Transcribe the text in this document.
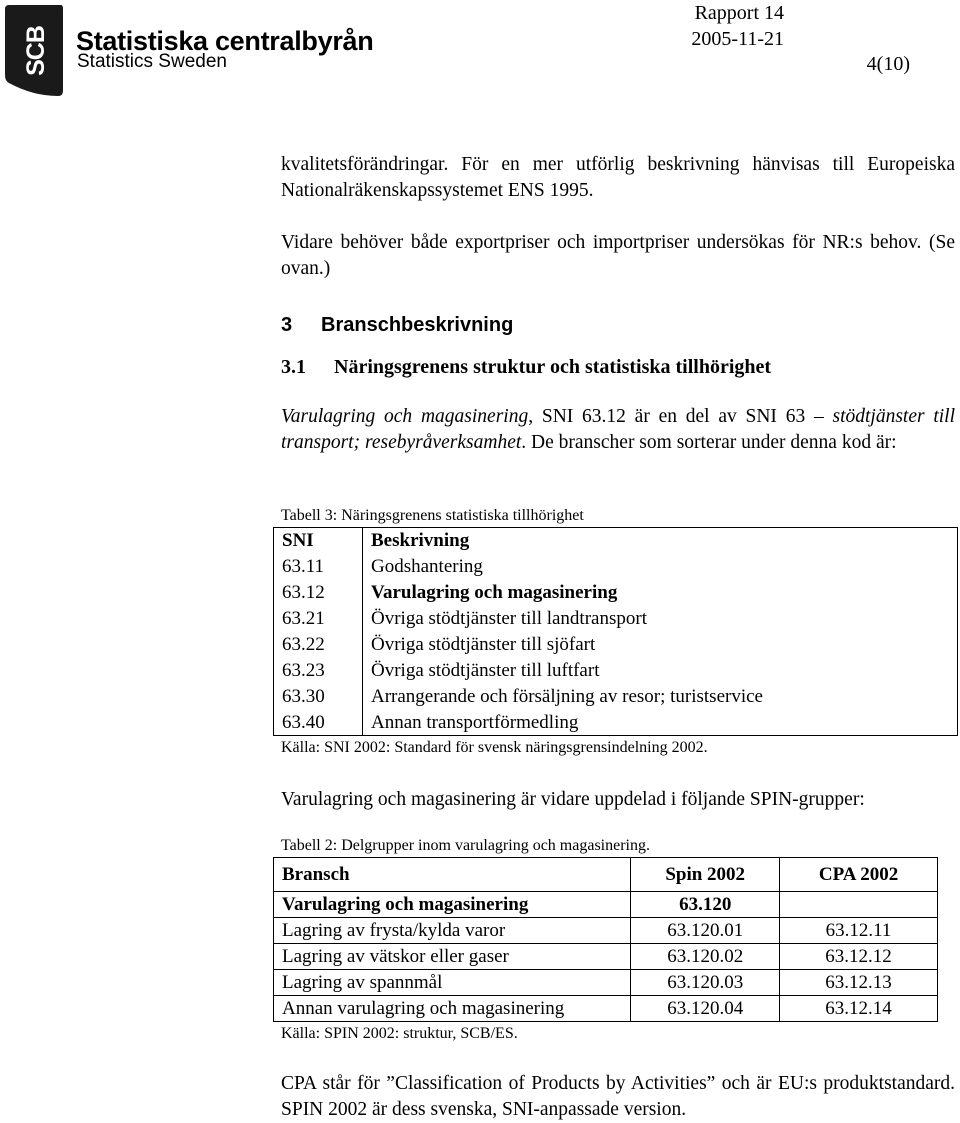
SCB Statistiska centralbyrån
Statistics Sweden
Rapport 14
2005-11-21
4(10)
kvalitetsförändringar. För en mer utförlig beskrivning hänvisas till Europeiska Nationalräkenskapssystemet ENS 1995.
Vidare behöver både exportpriser och importpriser undersökas för NR:s behov. (Se ovan.)
3 Branschbeskrivning
3.1 Näringsgrenens struktur och statistiska tillhörighet
Varulagring och magasinering, SNI 63.12 är en del av SNI 63 – stödtjänster till transport; resebyråverksamhet. De branscher som sorterar under denna kod är:
Tabell 3: Näringsgrenens statistiska tillhörighet
SNI	Beskrivning
63.11	Godshantering
63.12	Varulagring och magasinering
63.21	Övriga stödtjänster till landtransport
63.22	Övriga stödtjänster till sjöfart
63.23	Övriga stödtjänster till luftfart
63.30	Arrangerande och försäljning av resor; turistservice
63.40	Annan transportförmedling
Källa: SNI 2002: Standard för svensk näringsgrensindelning 2002.
Varulagring och magasinering är vidare uppdelad i följande SPIN-grupper:
Tabell 2: Delgrupper inom varulagring och magasinering.
Bransch	Spin 2002	CPA 2002
Varulagring och magasinering	63.120	
Lagring av frysta/kylda varor	63.120.01	63.12.11
Lagring av vätskor eller gaser	63.120.02	63.12.12
Lagring av spannmål	63.120.03	63.12.13
Annan varulagring och magasinering	63.120.04	63.12.14
Källa: SPIN 2002: struktur, SCB/ES.
CPA står för ”Classification of Products by Activities” och är EU:s produktstandard. SPIN 2002 är dess svenska, SNI-anpassade version.
